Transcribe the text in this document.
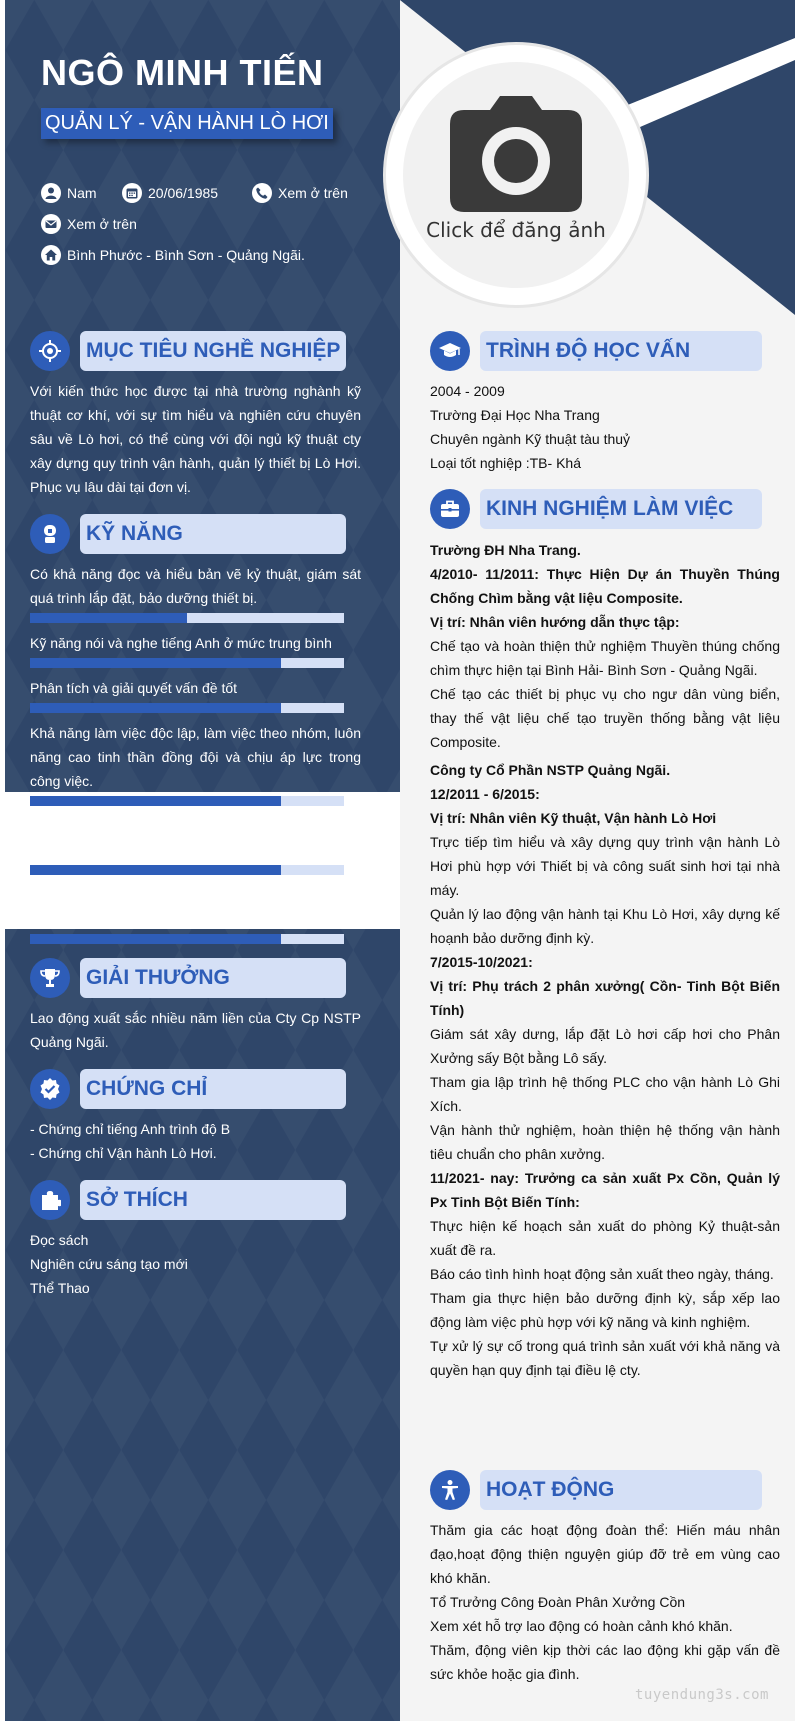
NGÔ MINH TIẾN
QUẢN LÝ - VẬN HÀNH LÒ HƠI
Nam	20/06/1985	Xem ở trên
Xem ở trên
Bình Phước - Bình Sơn - Quảng Ngãi.
Click để đăng ảnh
MỤC TIÊU NGHỀ NGHIỆP
Với kiến thức học được tại nhà trường nghành kỹ thuật cơ khí, với sự tìm hiểu và nghiên cứu chuyên sâu về Lò hơi, có thể cùng với đội ngủ kỹ thuật cty xây dựng quy trình vận hành, quản lý thiết bị Lò Hơi. Phục vụ lâu dài tại đơn vị.
KỸ NĂNG
Có khả năng đọc và hiểu bản vẽ kỷ thuật, giám sát quá trình lắp đặt, bảo dưỡng thiết bị.
Kỹ năng nói và nghe tiếng Anh ở mức trung bình
Phân tích và giải quyết vấn đề tốt
Khả năng làm việc độc lập, làm việc theo nhóm, luôn năng cao tinh thần đồng đội và chịu áp lực trong công việc.
GIẢI THƯỞNG
Lao động xuất sắc nhiều năm liền của Cty Cp NSTP Quảng Ngãi.
CHỨNG CHỈ
- Chứng chỉ tiếng Anh trình độ B
- Chứng chỉ Vận hành Lò Hơi.
SỞ THÍCH
Đọc sách
Nghiên cứu sáng tạo mới
Thể Thao
TRÌNH ĐỘ HỌC VẤN
2004 - 2009
Trường Đại Học Nha Trang
Chuyên ngành Kỹ thuật tàu thuỷ
Loại tốt nghiệp :TB- Khá
KINH NGHIỆM LÀM VIỆC
Trường ĐH Nha Trang.
4/2010- 11/2011: Thực Hiện Dự án Thuyền Thúng Chống Chìm bằng vật liệu Composite.
Vị trí: Nhân viên hướng dẫn thực tập:
Chế tạo và hoàn thiện thử nghiệm Thuyền thúng chống chìm thực hiện tại Bình Hải- Bình Sơn - Quảng Ngãi.
Chế tạo các thiết bị phục vụ cho ngư dân vùng biển, thay thế vật liệu chế tạo truyền thống bằng vật liệu Composite.
Công ty Cổ Phần NSTP Quảng Ngãi.
12/2011 - 6/2015:
Vị trí: Nhân viên Kỹ thuật, Vận hành Lò Hơi
Trực tiếp tìm hiểu và xây dựng quy trình vận hành Lò Hơi phù hợp với Thiết bị và công suất sinh hơi tại nhà máy.
Quản lý lao động vận hành tại Khu Lò Hơi, xây dựng kế hoạnh bảo dưỡng định kỳ.
7/2015-10/2021:
Vị trí: Phụ trách 2 phân xưởng( Cồn- Tinh Bột Biến Tính)
Giám sát xây dưng, lắp đặt Lò hơi cấp hơi cho Phân Xưởng sấy Bột bằng Lô sấy.
Tham gia lập trình hệ thống PLC cho vận hành Lò Ghi Xích.
Vận hành thử nghiệm, hoàn thiện hệ thống vận hành tiêu chuẩn cho phân xưởng.
11/2021- nay: Trưởng ca sản xuất Px Cồn, Quản lý Px Tinh Bột Biến Tính:
Thực hiện kế hoạch sản xuất do phòng Kỷ thuật-sản xuất đề ra.
Báo cáo tình hình hoạt động sản xuất theo ngày, tháng.
Tham gia thực hiện bảo dưỡng định kỳ, sắp xếp lao động làm việc phù hợp với kỹ năng và kinh nghiệm.
Tự xử lý sự cố trong quá trình sản xuất với khả năng và quyền hạn quy định tại điều lệ cty.
HOẠT ĐỘNG
Thăm gia các hoạt động đoàn thể: Hiến máu nhân đạo,hoạt động thiện nguyện giúp đỡ trẻ em vùng cao khó khăn.
Tổ Trưởng Công Đoàn Phân Xưởng Cồn
Xem xét hỗ trợ lao động có hoàn cảnh khó khăn.
Thăm, động viên kịp thời các lao động khi gặp vấn đề sức khỏe hoặc gia đình.
tuyendung3s.com
